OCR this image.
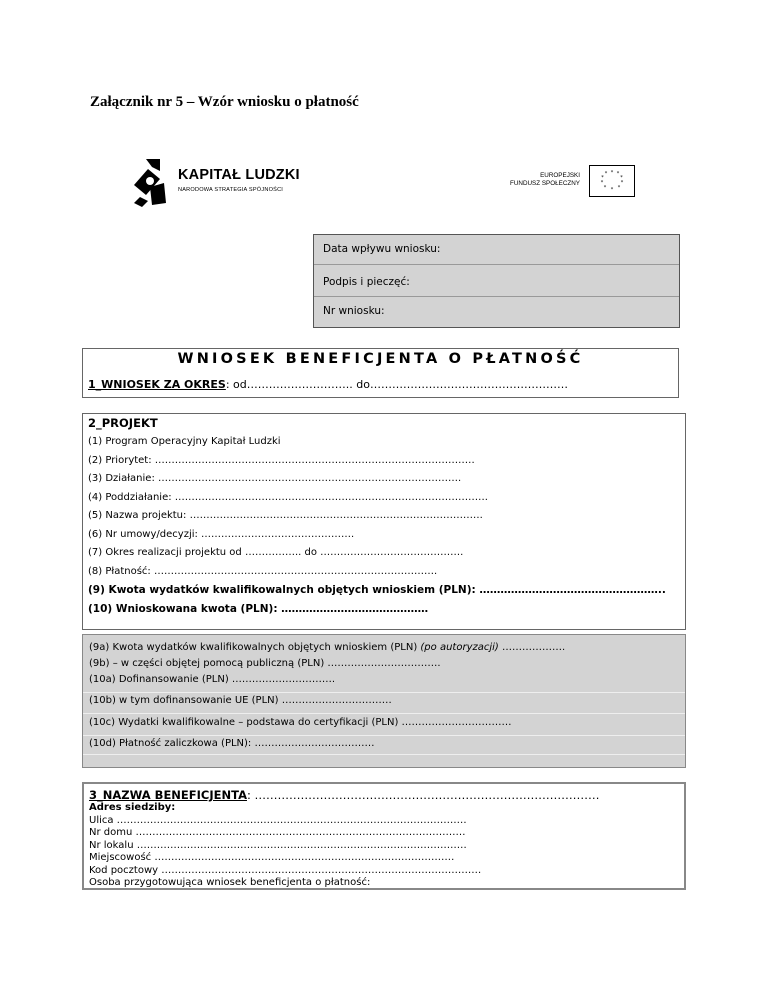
Załącznik nr 5 – Wzór wniosku o płatność
KAPITAŁ LUDZKI
NARODOWA STRATEGIA SPÓJNOŚCI
EUROPEJSKI
FUNDUSZ SPOŁECZNY
* *
*
*
*
*
*
*
*
*
Data wpływu wniosku:
Podpis i pieczęć:
Nr wniosku:
WNIOSEK BENEFICJENTA O PŁATNOŚĆ
1_WNIOSEK ZA OKRES: od……………………….. do………………………………………………
2_PROJEKT
(1) Program Operacyjny Kapitał Ludzki
(2) Priorytet: ……………………………………………………………………………………
(3) Działanie: ……………………………………………………………………………….
(4) Poddziałanie: ………………………………………………………………………………….
(5) Nazwa projektu: …………………………………………………………………………….
(6) Nr umowy/decyzji: ……………………………………….
(7) Okres realizacji projektu od …………….. do …………………………………….
(8) Płatność: ………………………………………………………………………….
(9) Kwota wydatków kwalifikowalnych objętych wnioskiem (PLN): ……………………………………………..
(10) Wnioskowana kwota (PLN): ……………………………………
(9a) Kwota wydatków kwalifikowalnych objętych wnioskiem (PLN) (po autoryzacji) ……………….
(9b) – w części objętej pomocą publiczną (PLN) …………………………….
(10a) Dofinansowanie (PLN) ………………………….
(10b) w tym dofinansowanie UE (PLN) ……………………………
(10c) Wydatki kwalifikowalne – podstawa do certyfikacji (PLN) ……………………………
(10d) Płatność zaliczkowa (PLN): ………………………………
3_NAZWA BENEFICJENTA: ………………………………………………………………………………
Adres siedziby:
Ulica ……………………………………………………………………………………………
Nr domu ………………………………………………………………………………………
Nr lokalu ………………………………………………………………………………………
Miejscowość ………………………………………………………………………………
Kod pocztowy ……………………………………………………………………………………
Osoba przygotowująca wniosek beneficjenta o płatność:
